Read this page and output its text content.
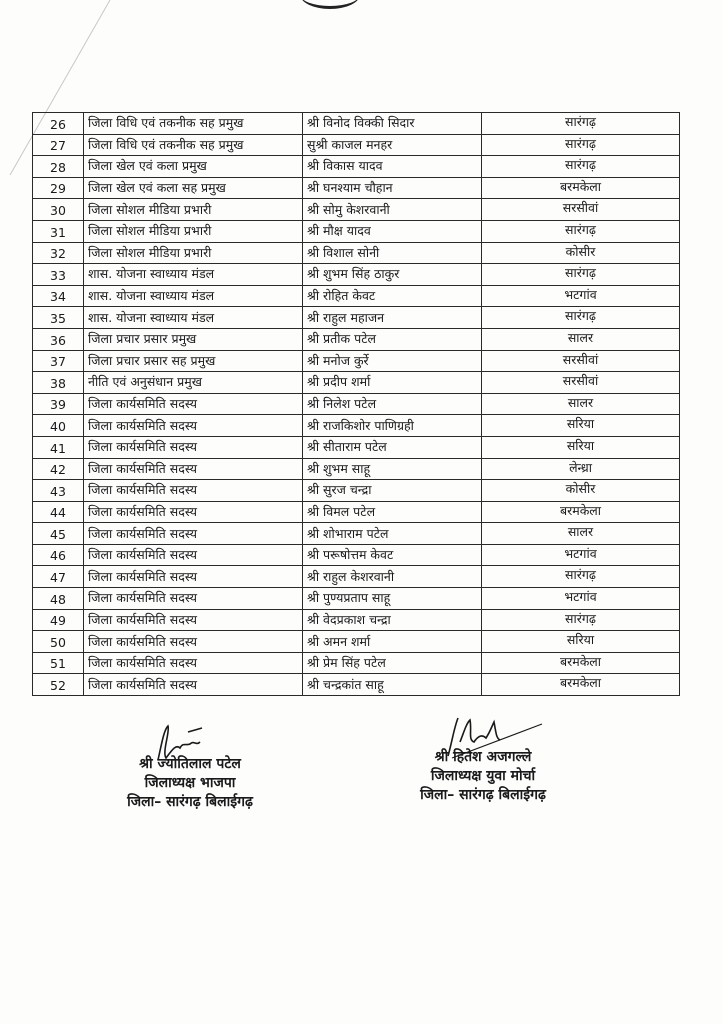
26	जिला विधि एवं तकनीक सह प्रमुख	श्री विनोद विक्की सिदार	सारंगढ़
27	जिला विधि एवं तकनीक सह प्रमुख	सुश्री काजल मनहर	सारंगढ़
28	जिला खेल एवं कला प्रमुख	श्री विकास यादव	सारंगढ़
29	जिला खेल एवं कला सह प्रमुख	श्री घनश्याम चौहान	बरमकेला
30	जिला सोशल मीडिया प्रभारी	श्री सोमु केशरवानी	सरसीवां
31	जिला सोशल मीडिया प्रभारी	श्री मौक्ष यादव	सारंगढ़
32	जिला सोशल मीडिया प्रभारी	श्री विशाल सोनी	कोसीर
33	शास. योजना स्वाध्याय मंडल	श्री शुभम सिंह ठाकुर	सारंगढ़
34	शास. योजना स्वाध्याय मंडल	श्री रोहित केवट	भटगांव
35	शास. योजना स्वाध्याय मंडल	श्री राहुल महाजन	सारंगढ़
36	जिला प्रचार प्रसार प्रमुख	श्री प्रतीक पटेल	सालर
37	जिला प्रचार प्रसार सह प्रमुख	श्री मनोज कुर्रे	सरसीवां
38	नीति एवं अनुसंधान प्रमुख	श्री प्रदीप शर्मा	सरसीवां
39	जिला कार्यसमिति सदस्य	श्री निलेश पटेल	सालर
40	जिला कार्यसमिति सदस्य	श्री राजकिशोर पाणिग्रही	सरिया
41	जिला कार्यसमिति सदस्य	श्री सीताराम पटेल	सरिया
42	जिला कार्यसमिति सदस्य	श्री शुभम साहू	लेन्ध्रा
43	जिला कार्यसमिति सदस्य	श्री सुरज चन्द्रा	कोसीर
44	जिला कार्यसमिति सदस्य	श्री विमल पटेल	बरमकेला
45	जिला कार्यसमिति सदस्य	श्री शोभाराम पटेल	सालर
46	जिला कार्यसमिति सदस्य	श्री परूषोत्तम केवट	भटगांव
47	जिला कार्यसमिति सदस्य	श्री राहुल केशरवानी	सारंगढ़
48	जिला कार्यसमिति सदस्य	श्री पुण्यप्रताप साहू	भटगांव
49	जिला कार्यसमिति सदस्य	श्री वेदप्रकाश चन्द्रा	सारंगढ़
50	जिला कार्यसमिति सदस्य	श्री अमन शर्मा	सरिया
51	जिला कार्यसमिति सदस्य	श्री प्रेम सिंह पटेल	बरमकेला
52	जिला कार्यसमिति सदस्य	श्री चन्द्रकांत साहू	बरमकेला
श्री ज्योतिलाल पटेल
जिलाध्यक्ष भाजपा
जिला– सारंगढ़ बिलाईगढ़
श्री हितेश अजगल्ले
जिलाध्यक्ष युवा मोर्चा
जिला– सारंगढ़ बिलाईगढ़
